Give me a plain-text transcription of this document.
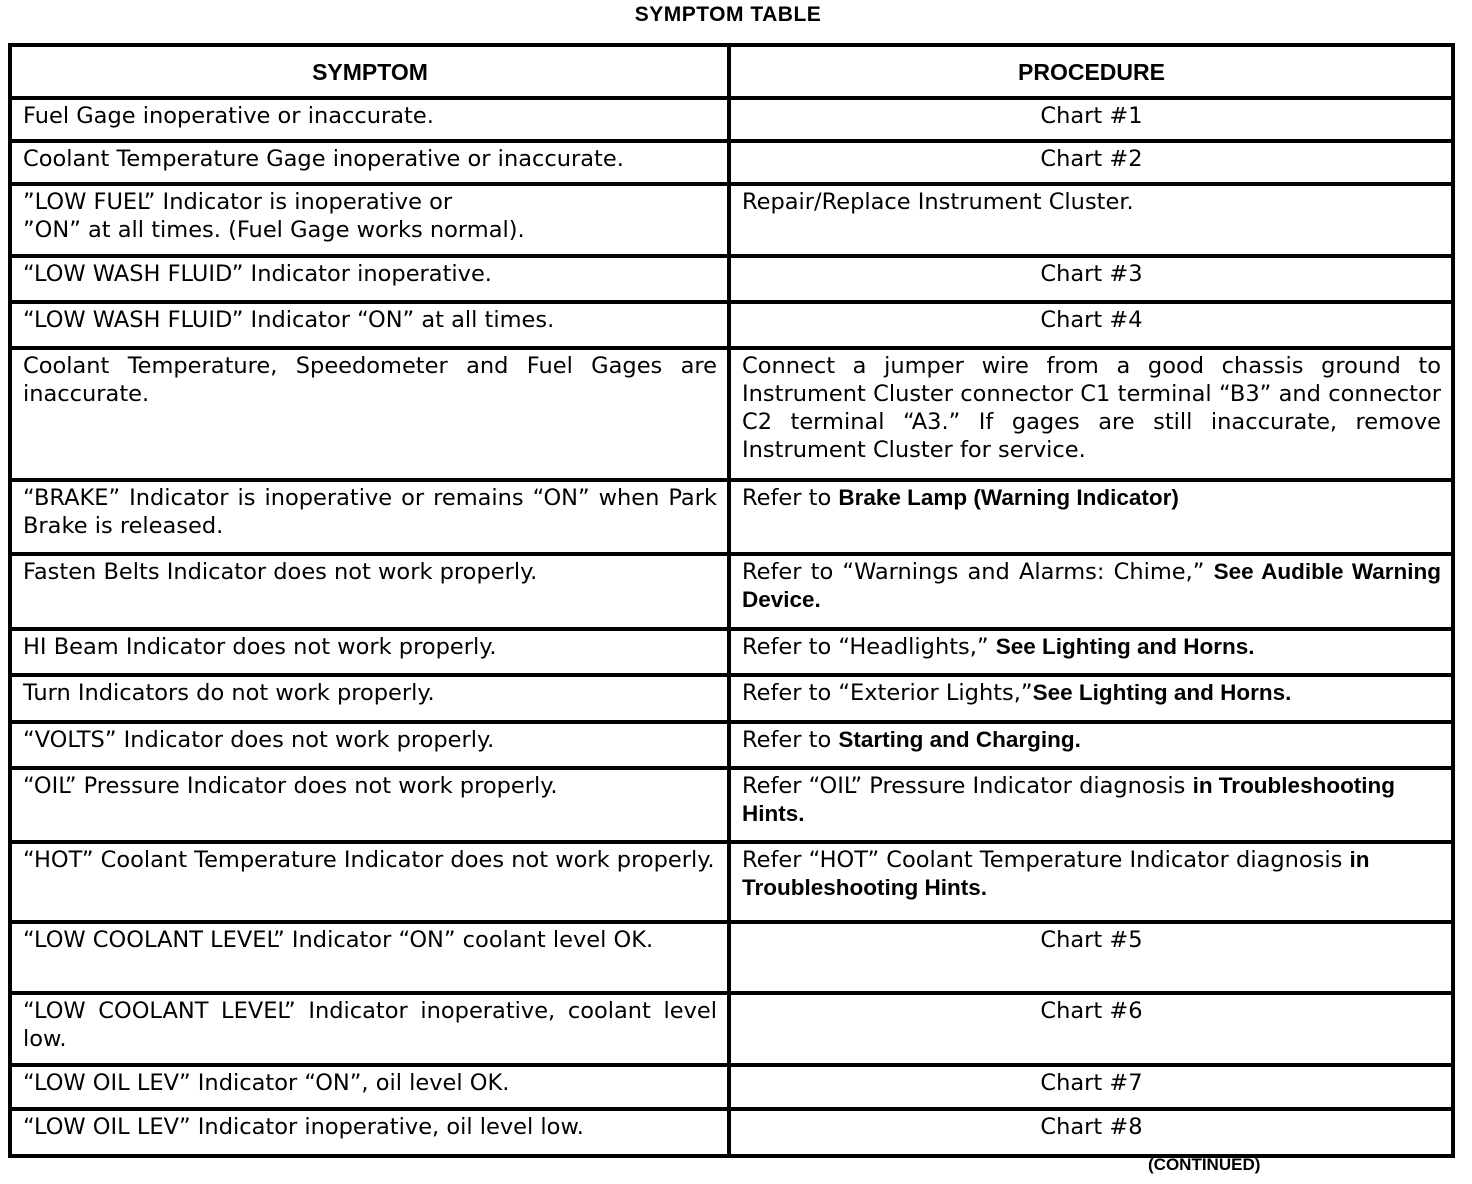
SYMPTOM TABLE
SYMPTOM	PROCEDURE
Fuel Gage inoperative or inaccurate.	Chart #1
Coolant Temperature Gage inoperative or inaccurate.	Chart #2

”LOW FUEL” Indicator is inoperative or
”ON” at all times. (Fuel Gage works normal).	Repair/Replace Instrument Cluster.
“LOW WASH FLUID” Indicator inoperative.	Chart #3
“LOW WASH FLUID” Indicator “ON” at all times.	Chart #4
Coolant Temperature, Speedometer and Fuel Gages are inaccurate.	Connect a jumper wire from a good chassis ground to Instrument Cluster connector C1 terminal “B3” and connector C2 terminal “A3.” If gages are still inaccurate, remove Instrument Cluster for service.
“BRAKE” Indicator is inoperative or remains “ON” when Park Brake is released.	Refer to Brake Lamp (Warning Indicator)
Fasten Belts Indicator does not work properly.	Refer to “Warnings and Alarms: Chime,” See Audible Warning Device.
HI Beam Indicator does not work properly.	Refer to “Headlights,” See Lighting and Horns.
Turn Indicators do not work properly.	Refer to “Exterior Lights,”See Lighting and Horns.
“VOLTS” Indicator does not work properly.	Refer to Starting and Charging.
“OIL” Pressure Indicator does not work properly.	Refer “OIL” Pressure Indicator diagnosis in Troubleshooting Hints.
“HOT” Coolant Temperature Indicator does not work properly.	Refer “HOT” Coolant Temperature Indicator diagnosis in Troubleshooting Hints.
“LOW COOLANT LEVEL” Indicator “ON” coolant level OK.	Chart #5
“LOW COOLANT LEVEL” Indicator inoperative, coolant level low.	Chart #6
“LOW OIL LEV” Indicator “ON”, oil level OK.	Chart #7
“LOW OIL LEV” Indicator inoperative, oil level low.	Chart #8
(CONTINUED)
